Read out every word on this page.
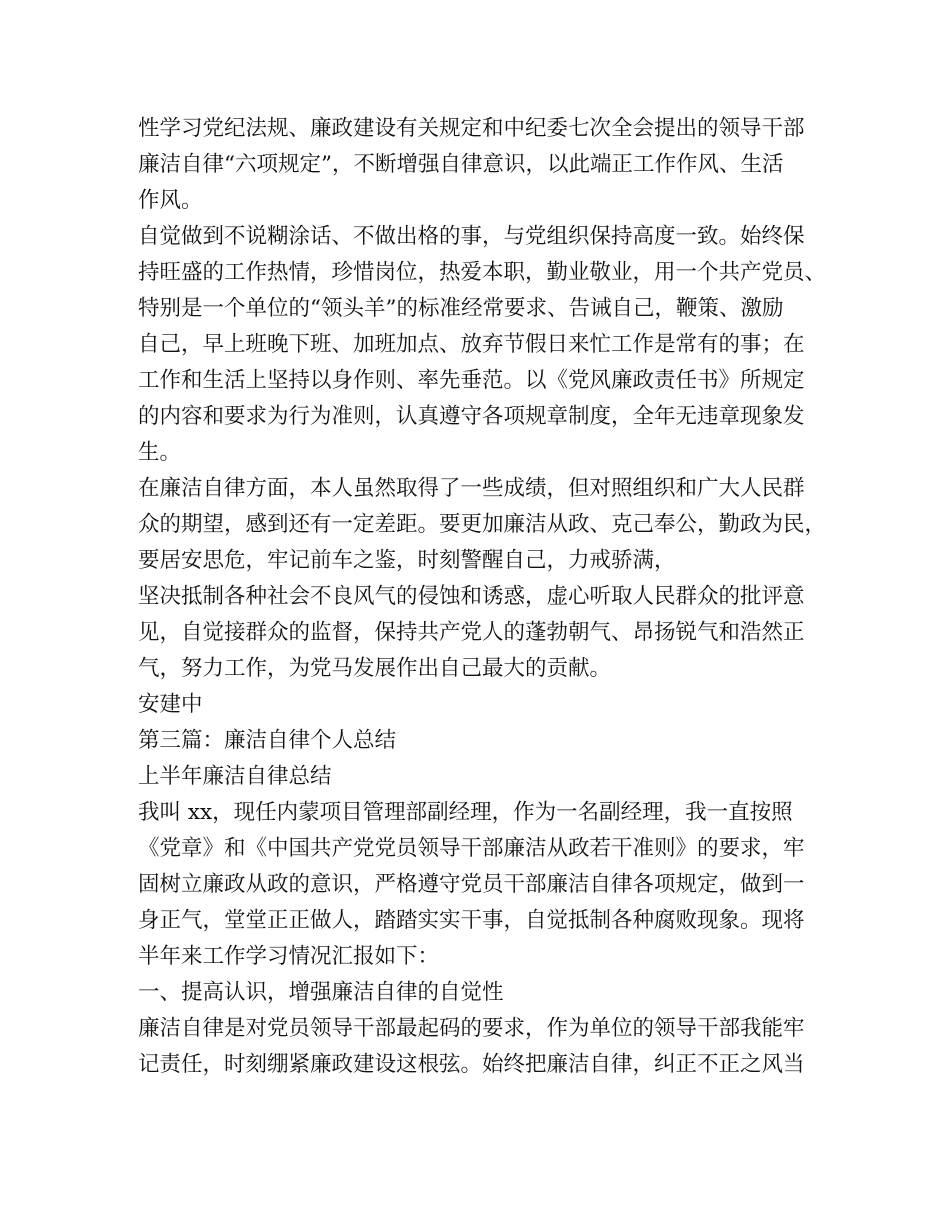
性学习党纪法规、廉政建设有关规定和中纪委七次全会提出的领导干部
廉洁自律“六项规定”，不断增强自律意识，以此端正工作作风、生活
作风。
自觉做到不说糊涂话、不做出格的事，与党组织保持高度一致。始终保
持旺盛的工作热情，珍惜岗位，热爱本职，勤业敬业，用一个共产党员、
特别是一个单位的“领头羊”的标准经常要求、告诫自己，鞭策、激励
自己，早上班晚下班、加班加点、放弃节假日来忙工作是常有的事；在
工作和生活上坚持以身作则、率先垂范。以《党风廉政责任书》所规定
的内容和要求为行为准则，认真遵守各项规章制度，全年无违章现象发
生。
在廉洁自律方面，本人虽然取得了一些成绩，但对照组织和广大人民群
众的期望，感到还有一定差距。要更加廉洁从政、克己奉公，勤政为民，
要居安思危，牢记前车之鉴，时刻警醒自己，力戒骄满，
坚决抵制各种社会不良风气的侵蚀和诱惑，虚心听取人民群众的批评意
见，自觉接群众的监督，保持共产党人的蓬勃朝气、昂扬锐气和浩然正
气，努力工作，为党马发展作出自己最大的贡献。
安建中
第三篇：廉洁自律个人总结
上半年廉洁自律总结
我叫 xx，现任内蒙项目管理部副经理，作为一名副经理，我一直按照
《党章》和《中国共产党党员领导干部廉洁从政若干准则》的要求，牢
固树立廉政从政的意识，严格遵守党员干部廉洁自律各项规定，做到一
身正气，堂堂正正做人，踏踏实实干事，自觉抵制各种腐败现象。现将
半年来工作学习情况汇报如下：
一、提高认识，增强廉洁自律的自觉性
廉洁自律是对党员领导干部最起码的要求，作为单位的领导干部我能牢
记责任，时刻绷紧廉政建设这根弦。始终把廉洁自律，纠正不正之风当
